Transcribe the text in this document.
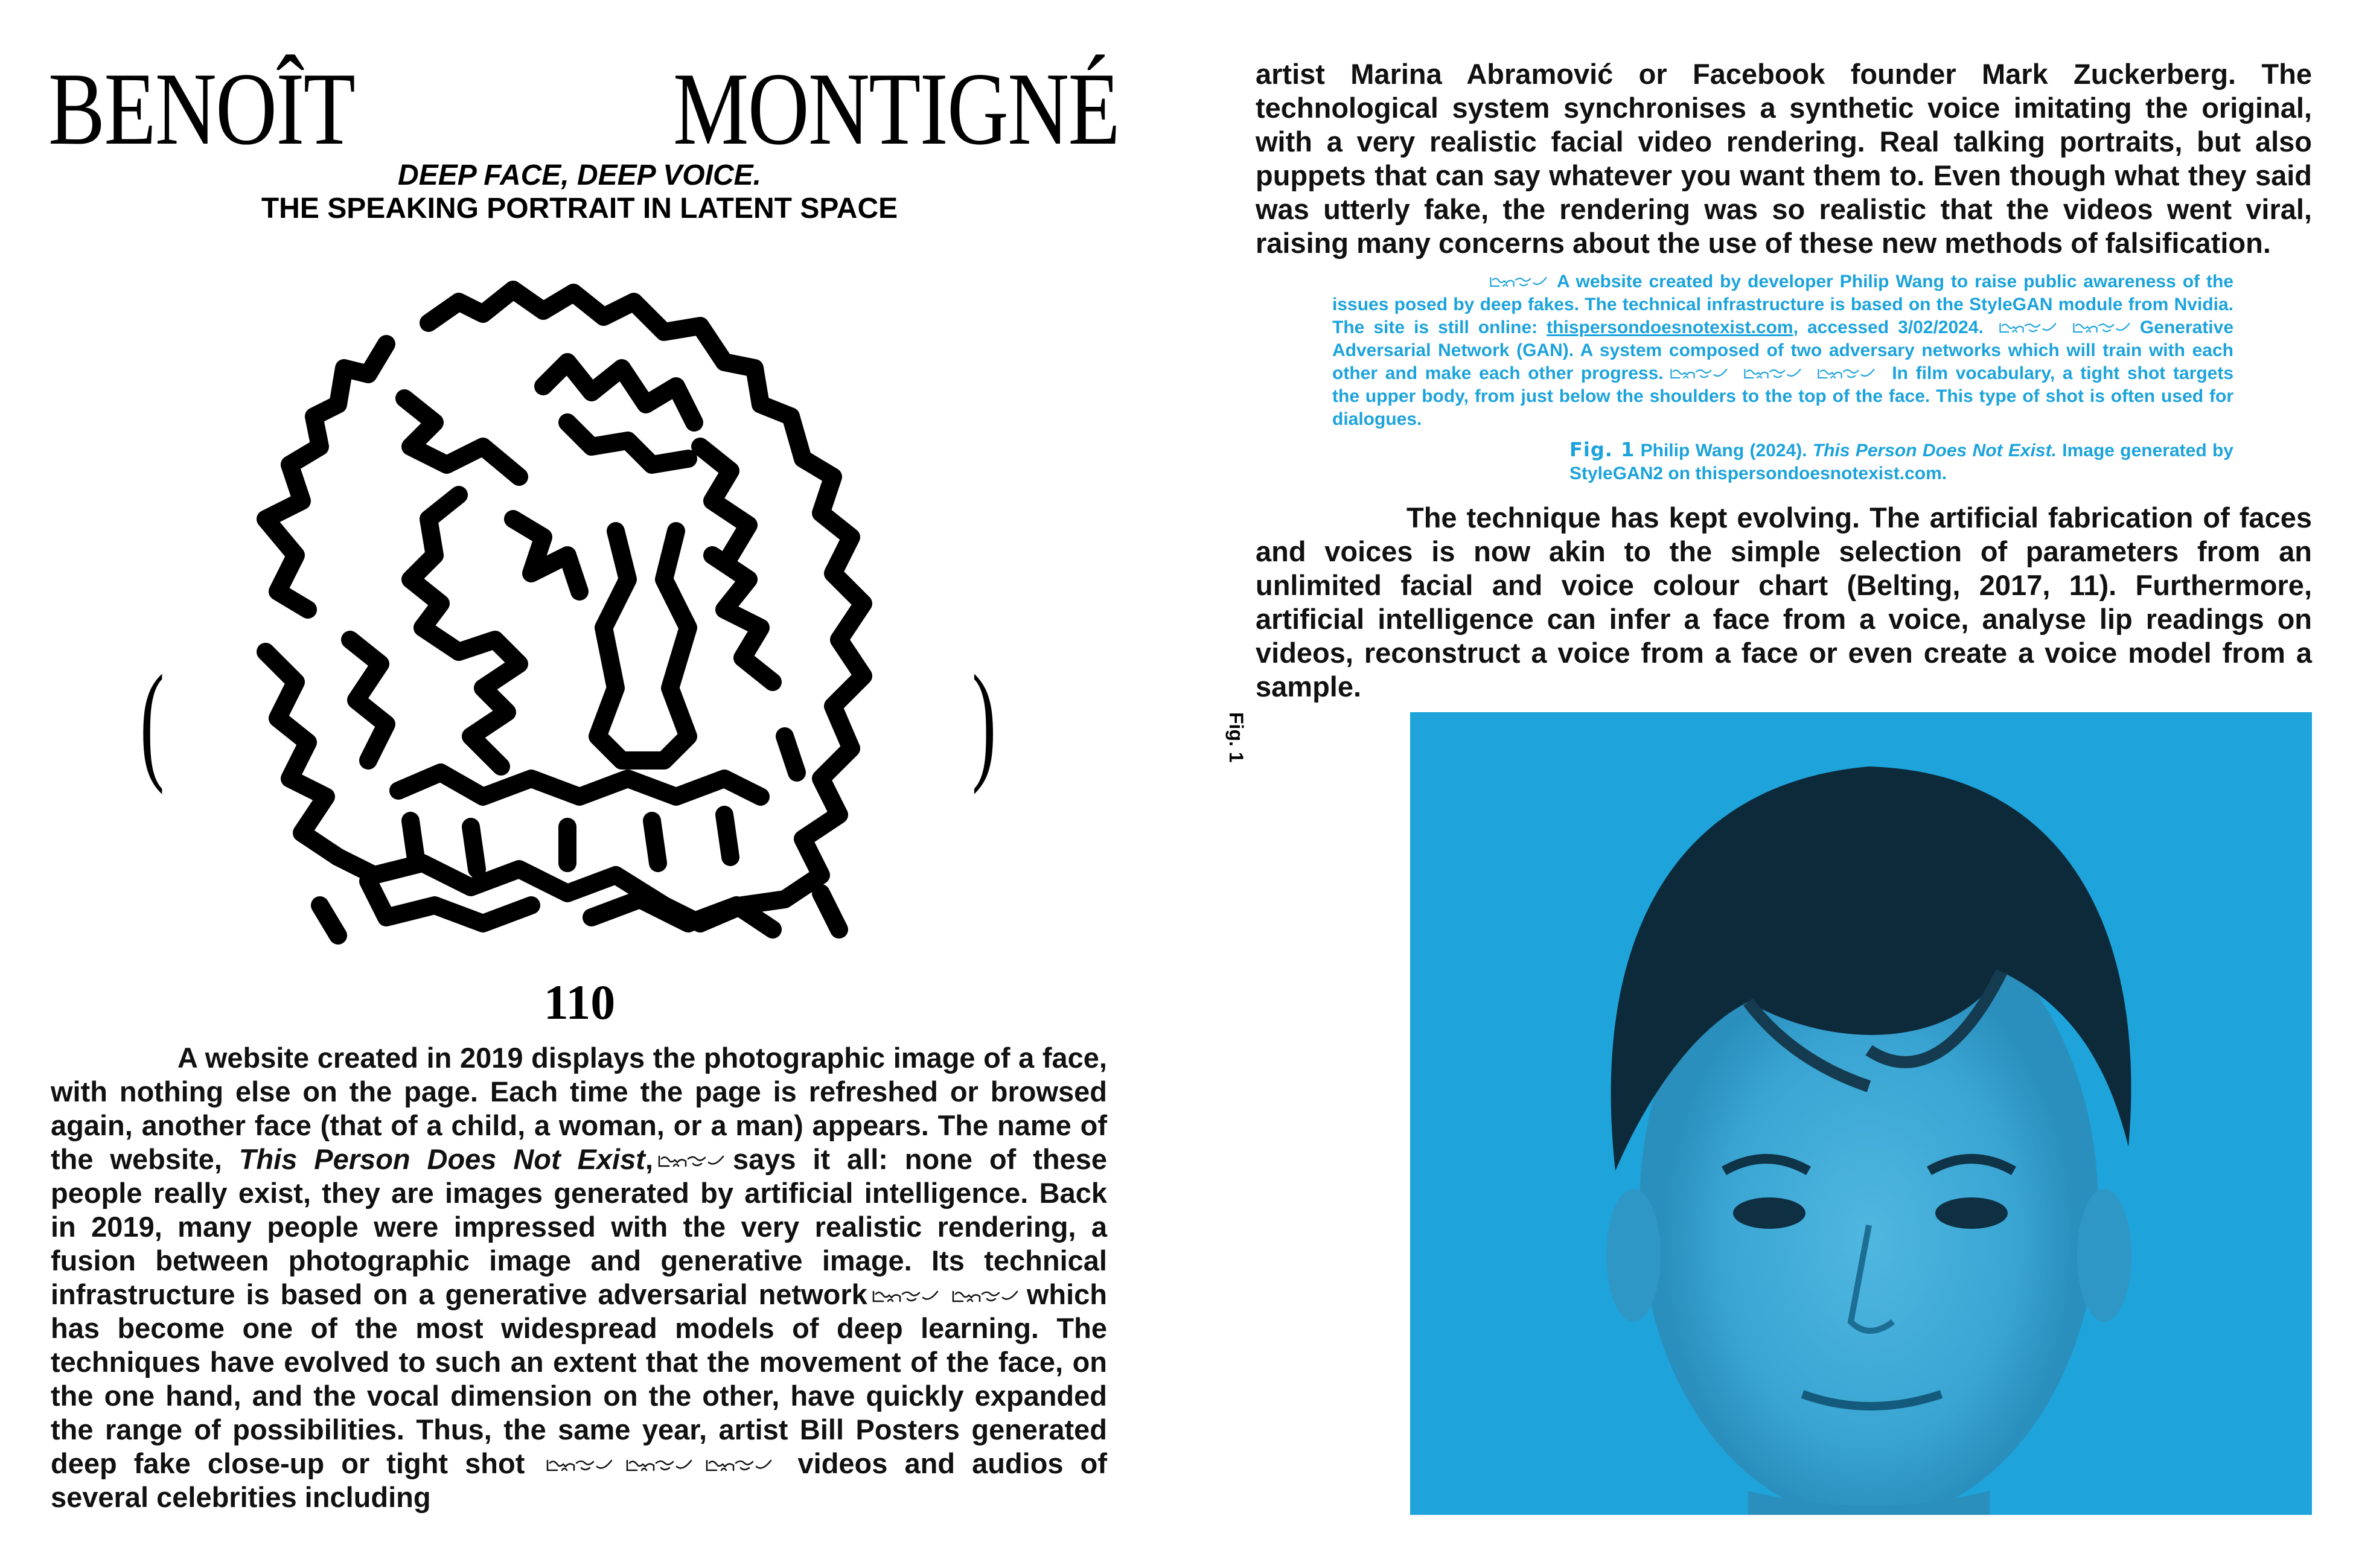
BENOÎT	MONTIGNÉ
DEEP FACE, DEEP VOICE.
THE SPEAKING PORTRAIT IN LATENT SPACE
(	)
110
A website created in 2019 displays the photographic image of a face, with nothing else on the page. Each time the page is refreshed or browsed again, another face (that of a child, a woman, or a man) appears. The name of the website, This Person Does Not Exist,	says it all: none of these people really exist, they are images generated by artificial intelligence. Back in 2019, many people were impressed with the very realistic rendering, a fusion between photographic image and generative image. Its technical infrastructure is based on a generative adversarial network	which has become one of the most widespread models of deep learning. The techniques have evolved to such an extent that the movement of the face, on the one hand, and the vocal dimension on the other, have quickly expanded the range of possibilities. Thus, the same year, artist Bill Posters generated deep fake close-up or tight shot	videos and audios of several celebrities including
artist Marina Abramović or Facebook founder Mark Zuckerberg. The technological system synchronises a synthetic voice imitating the original, with a very realistic facial video rendering. Real talking portraits, but also puppets that can say whatever you want them to. Even though what they said was utterly fake, the rendering was so realistic that the videos went viral, raising many concerns about the use of these new methods of falsification.
A website created by developer Philip Wang to raise public awareness of the issues posed by deep fakes. The technical infrastructure is based on the StyleGAN module from Nvidia. The site is still online: thispersondoesnotexist.com, accessed 3/02/2024.	Generative Adversarial Network (GAN). A system composed of two adversary networks which will train with each other and make each other progress.	In film vocabulary, a tight shot targets the upper body, from just below the shoulders to the top of the face. This type of shot is often used for dialogues.
Fig. 1 Philip Wang (2024). This Person Does Not Exist. Image generated by StyleGAN2 on thispersondoesnotexist.com.
The technique has kept evolving. The artificial fabrication of faces and voices is now akin to the simple selection of parameters from an unlimited facial and voice colour chart (Belting, 2017, 11). Furthermore, artificial intelligence can infer a face from a voice, analyse lip readings on videos, reconstruct a voice from a face or even create a voice model from a sample.
Fig. 1
